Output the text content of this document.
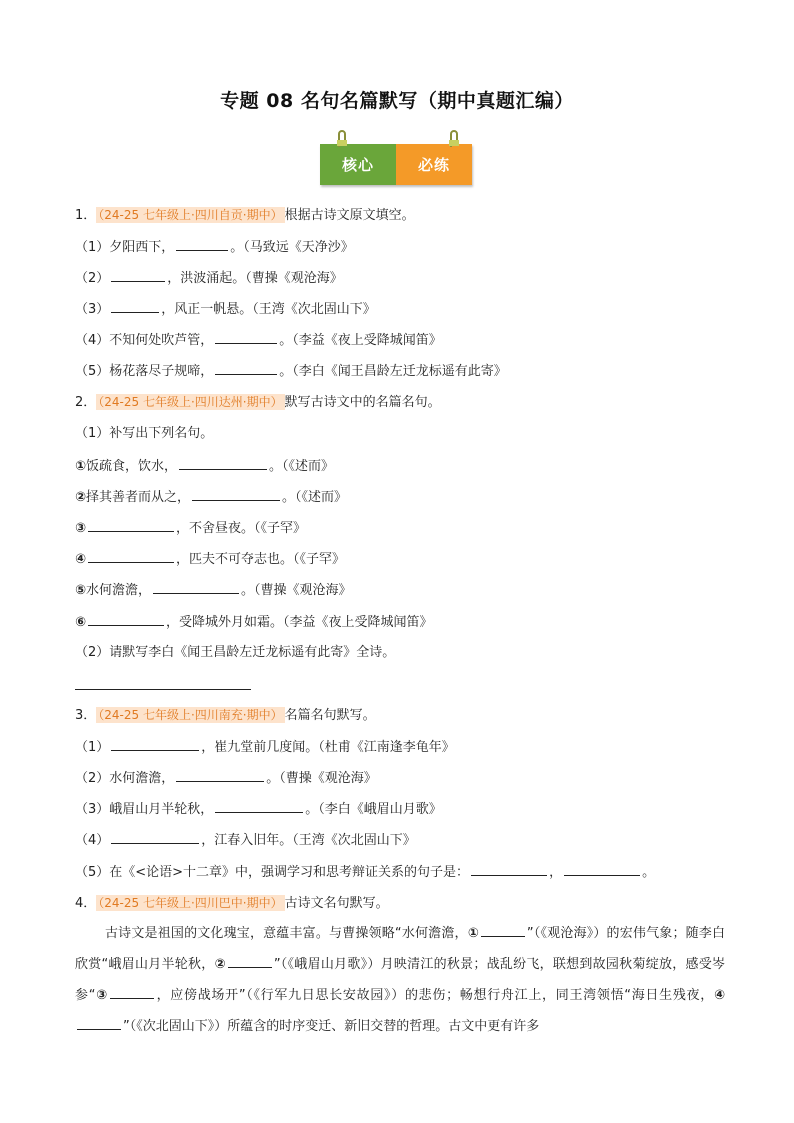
专题 08 名句名篇默写（期中真题汇编）
核心	必练
1． （24-25 七年级上·四川自贡·期中） 根据古诗文原文填空。
（1）夕阳西下，	。（马致远《天净沙》
（2）	，洪波涌起。（曹操《观沧海》
（3）	，风正一帆悬。（王湾《次北固山下》
（4）不知何处吹芦管，	。（李益《夜上受降城闻笛》
（5）杨花落尽子规啼，	。（李白《闻王昌龄左迁龙标遥有此寄》
2． （24-25 七年级上·四川达州·期中） 默写古诗文中的名篇名句。
（1）补写出下列名句。
①饭疏食，饮水，	。（《述而》
②择其善者而从之，	。（《述而》
③	，不舍昼夜。（《子罕》
④	，匹夫不可夺志也。（《子罕》
⑤水何澹澹，	。（曹操《观沧海》
⑥	，受降城外月如霜。（李益《夜上受降城闻笛》
（2）请默写李白《闻王昌龄左迁龙标遥有此寄》全诗。
3． （24-25 七年级上·四川南充·期中） 名篇名句默写。
（1）	，崔九堂前几度闻。（杜甫《江南逢李龟年》
（2）水何澹澹，	。（曹操《观沧海》
（3）峨眉山月半轮秋，	。（李白《峨眉山月歌》
（4）	，江春入旧年。（王湾《次北固山下》
（5）在《<论语>十二章》中，强调学习和思考辩证关系的句子是：	，	。
4． （24-25 七年级上·四川巴中·期中） 古诗文名句默写。
古诗文是祖国的文化瑰宝，意蕴丰富。与曹操领略“水何澹澹，①	”（《观沧海》）的宏伟气象；随李白欣赏“峨眉山月半轮秋，②	”（《峨眉山月歌》）月映清江的秋景；战乱纷飞，联想到故园秋菊绽放，感受岑参“③	，应傍战场开”（《行军九日思长安故园》）的悲伤；畅想行舟江上，同王湾领悟“海日生残夜，④”（《次北固山下》）所蕴含的时序变迁、新旧交替的哲理。古文中更有许多
